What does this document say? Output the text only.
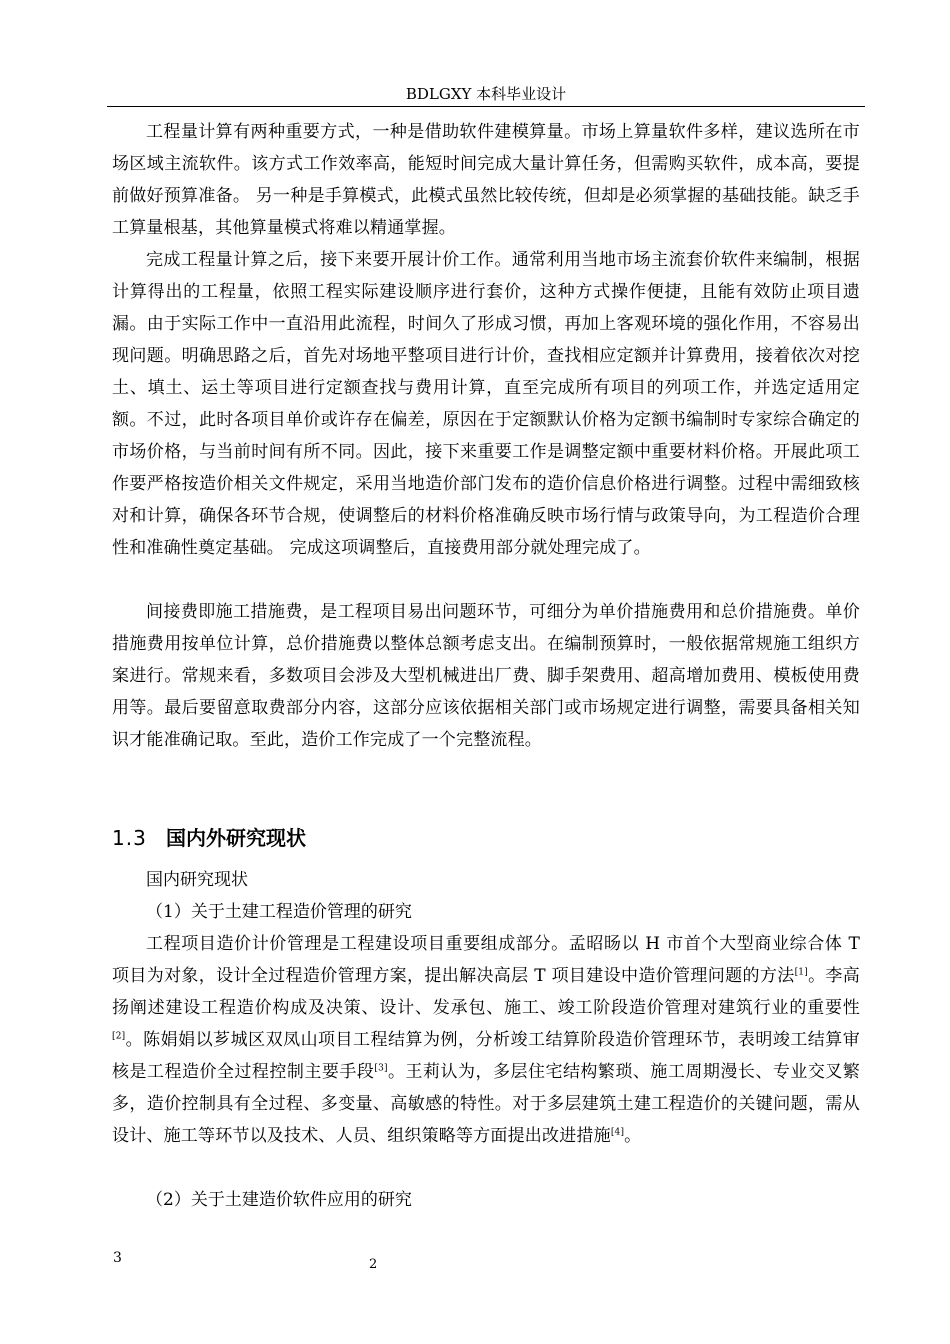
BDLGXY 本科毕业设计

工程量计算有两种重要方式，一种是借助软件建模算量。市场上算量软件多样，建议选所在市场区域主流软件。该方式工作效率高，能短时间完成大量计算任务，但需购买软件，成本高，要提前做好预算准备。 另一种是手算模式，此模式虽然比较传统，但却是必须掌握的基础技能。缺乏手工算量根基，其他算量模式将难以精通掌握。

完成工程量计算之后，接下来要开展计价工作。通常利用当地市场主流套价软件来编制，根据计算得出的工程量，依照工程实际建设顺序进行套价，这种方式操作便捷，且能有效防止项目遗漏。由于实际工作中一直沿用此流程，时间久了形成习惯，再加上客观环境的强化作用，不容易出现问题。明确思路之后，首先对场地平整项目进行计价，查找相应定额并计算费用，接着依次对挖土、填土、运土等项目进行定额查找与费用计算，直至完成所有项目的列项工作，并选定适用定额。不过，此时各项目单价或许存在偏差，原因在于定额默认价格为定额书编制时专家综合确定的市场价格，与当前时间有所不同。因此，接下来重要工作是调整定额中重要材料价格。开展此项工作要严格按造价相关文件规定，采用当地造价部门发布的造价信息价格进行调整。过程中需细致核对和计算，确保各环节合规，使调整后的材料价格准确反映市场行情与政策导向，为工程造价合理性和准确性奠定基础。 完成这项调整后，直接费用部分就处理完成了。

间接费即施工措施费，是工程项目易出问题环节，可细分为单价措施费用和总价措施费。单价措施费用按单位计算，总价措施费以整体总额考虑支出。在编制预算时，一般依据常规施工组织方案进行。常规来看，多数项目会涉及大型机械进出厂费、脚手架费用、超高增加费用、模板使用费用等。最后要留意取费部分内容，这部分应该依据相关部门或市场规定进行调整，需要具备相关知识才能准确记取。至此，造价工作完成了一个完整流程。

1.3 国内外研究现状

国内研究现状

（1）关于土建工程造价管理的研究

工程项目造价计价管理是工程建设项目重要组成部分。孟昭旸以 H 市首个大型商业综合体 T 项目为对象，设计全过程造价管理方案，提出解决高层 T 项目建设中造价管理问题的方法[1]。李高扬阐述建设工程造价构成及决策、设计、发承包、施工、竣工阶段造价管理对建筑行业的重要性[2]。陈娟娟以芗城区双凤山项目工程结算为例，分析竣工结算阶段造价管理环节，表明竣工结算审核是工程造价全过程控制主要手段[3]。王莉认为，多层住宅结构繁琐、施工周期漫长、专业交叉繁多，造价控制具有全过程、多变量、高敏感的特性。对于多层建筑土建工程造价的关键问题，需从设计、施工等环节以及技术、人员、组织策略等方面提出改进措施[4]。

（2）关于土建造价软件应用的研究

3	2
